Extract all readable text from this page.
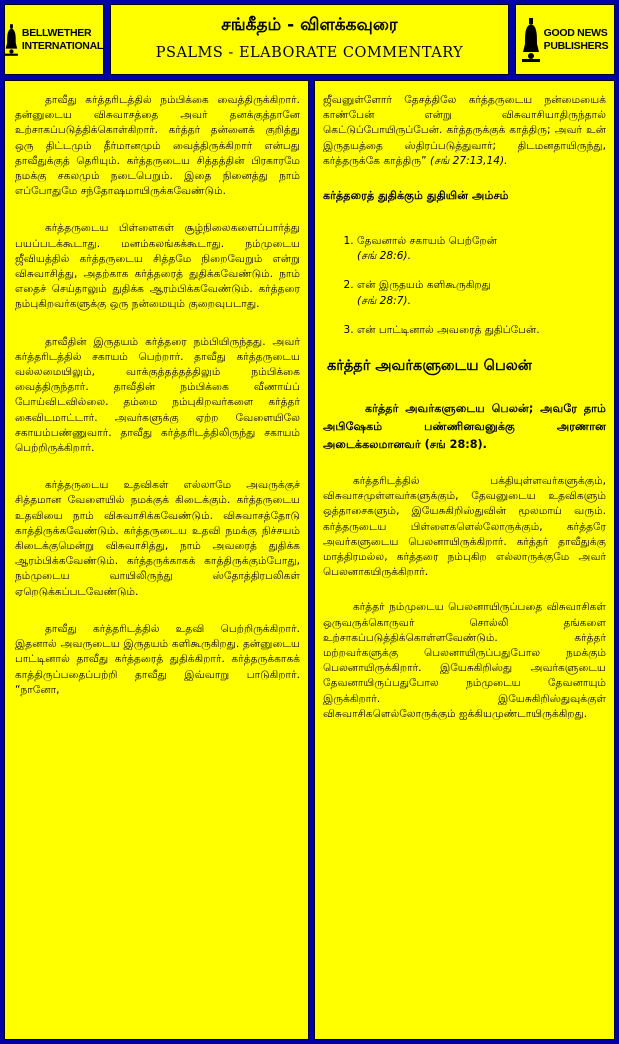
BELLWETHER
INTERNATIONAL
சங்கீதம் - விளக்கவுரை
PSALMS - ELABORATE COMMENTARY
GOOD NEWS
PUBLISHERS

தாவீது கர்த்தரிடத்தில் நம்பிக்கை வைத்திருக்கிறார். தன்னுடைய விசுவாசத்தை அவர் தனக்குத்தானே உற்சாகப்படுத்திக்கொள்கிறார். கர்த்தர் தன்னைக் குறித்து ஒரு திட்டமும் தீர்மானமும் வைத்திருக்கிறார் என்பது தாவீதுக்குத் தெரியும். கர்த்தருடைய சித்தத்தின் பிரகாரமே நமக்கு சகலமும் நடைபெறும். இதை நினைத்து நாம் எப்போதுமே சந்தோஷமாயிருக்கவேண்டும்.

கர்த்தருடைய பிள்ளைகள் சூழ்நிலைகளைப்பார்த்து பயப்படக்கூடாது. மனம்கலங்கக்கூடாது. நம்முடைய ஜீவியத்தில் கர்த்தருடைய சித்தமே நிறைவேறும் என்று விசுவாசித்து, அதற்காக கர்த்தரைத் துதிக்கவேண்டும். நாம் எதைச் செய்தாலும் துதிக்க ஆரம்பிக்கவேண்டும். கர்த்தரை நம்புகிறவர்களுக்கு ஒரு நன்மையும் குறைவுபடாது.

தாவீதின் இருதயம் கர்த்தரை நம்பியிருந்தது. அவர் கர்த்தரிடத்தில் சகாயம் பெற்றார். தாவீது கர்த்தருடைய வல்லமையிலும், வாக்குத்தத்தத்திலும் நம்பிக்கை வைத்திருந்தார். தாவீதின் நம்பிக்கை வீணாய்ப் போய்விடவில்லை. தம்மை நம்புகிறவர்களை கர்த்தர் கைவிடமாட்டார். அவர்களுக்கு ஏற்ற வேளையிலே சகாயம்பண்ணுவார். தாவீது கர்த்தரிடத்திலிருந்து சகாயம் பெற்றிருக்கிறார்.

கர்த்தருடைய உதவிகள் எல்லாமே அவருக்குச் சித்தமான வேளையில் நமக்குக் கிடைக்கும். கர்த்தருடைய உதவியை நாம் விசுவாசிக்கவேண்டும். விசுவாசத்தோடு காத்திருக்கவேண்டும். கர்த்தருடைய உதவி நமக்கு நிச்சயம் கிடைக்குமென்று விசுவாசித்து, நாம் அவரைத் துதிக்க ஆரம்பிக்கவேண்டும். கர்த்தருக்காகக் காத்திருக்கும்போது, நம்முடைய வாயிலிருந்து ஸ்தோத்திரபலிகள் ஏறெடுக்கப்படவேண்டும்.

தாவீது கர்த்தரிடத்தில் உதவி பெற்றிருக்கிறார். இதனால் அவருடைய இருதயம் களிகூருகிறது. தன்னுடைய பாட்டினால் தாவீது கர்த்தரைத் துதிக்கிறார். கர்த்தருக்காகக் காத்திருப்பதைப்பற்றி தாவீது இவ்வாறு பாடுகிறார். “நானோ,

ஜீவனுள்ளோர் தேசத்திலே கர்த்தருடைய நன்மையைக் காண்பேன் என்று விசுவாசியாதிருந்தால் கெட்டுப்போயிருப்பேன். கர்த்தருக்குக் காத்திரு; அவர் உன் இருதயத்தை ஸ்திரப்படுத்துவார்; திடமனதாயிருந்து, கர்த்தருக்கே காத்திரு” (சங் 27:13,14).

கர்த்தரைத் துதிக்கும் துதியின் அம்சம்
1. தேவனால் சகாயம் பெற்றேன்
(சங் 28:6).
2. என் இருதயம் களிகூருகிறது
(சங் 28:7).
3. என் பாட்டினால் அவரைத் துதிப்பேன்.
கர்த்தர் அவர்களுடைய பெலன்
கர்த்தர் அவர்களுடைய பெலன்; அவரே தாம் அபிஷேகம் பண்ணினவனுக்கு அரணான அடைக்கலமானவர் (சங் 28:8).

கர்த்தரிடத்தில் பக்தியுள்ளவர்களுக்கும், விசுவாசமுள்ளவர்களுக்கும், தேவனுடைய உதவிகளும் ஒத்தாசைகளும், இயேசுகிறிஸ்துவின் மூலமாய் வரும். கர்த்தருடைய பிள்ளைகளெல்லோருக்கும், கர்த்தரே அவர்களுடைய பெலனாயிருக்கிறார். கர்த்தர் தாவீதுக்கு மாத்திரமல்ல, கர்த்தரை நம்புகிற எல்லாருக்குமே அவர் பெலனாகயிருக்கிறார்.

கர்த்தர் நம்முடைய பெலனாயிருப்பதை விசுவாசிகள் ஒருவருக்கொருவர் சொல்லி தங்களை உற்சாகப்படுத்திக்கொள்ளவேண்டும். கர்த்தர் மற்றவர்களுக்கு பெலனாயிருப்பதுபோல நமக்கும் பெலனாயிருக்கிறார். இயேசுகிறிஸ்து அவர்களுடைய தேவனாயிருப்பதுபோல நம்முடைய தேவனாயும் இருக்கிறார். இயேசுகிறிஸ்துவுக்குள் விசுவாசிகளெல்லோருக்கும் ஐக்கியமுண்டாயிருக்கிறது.
